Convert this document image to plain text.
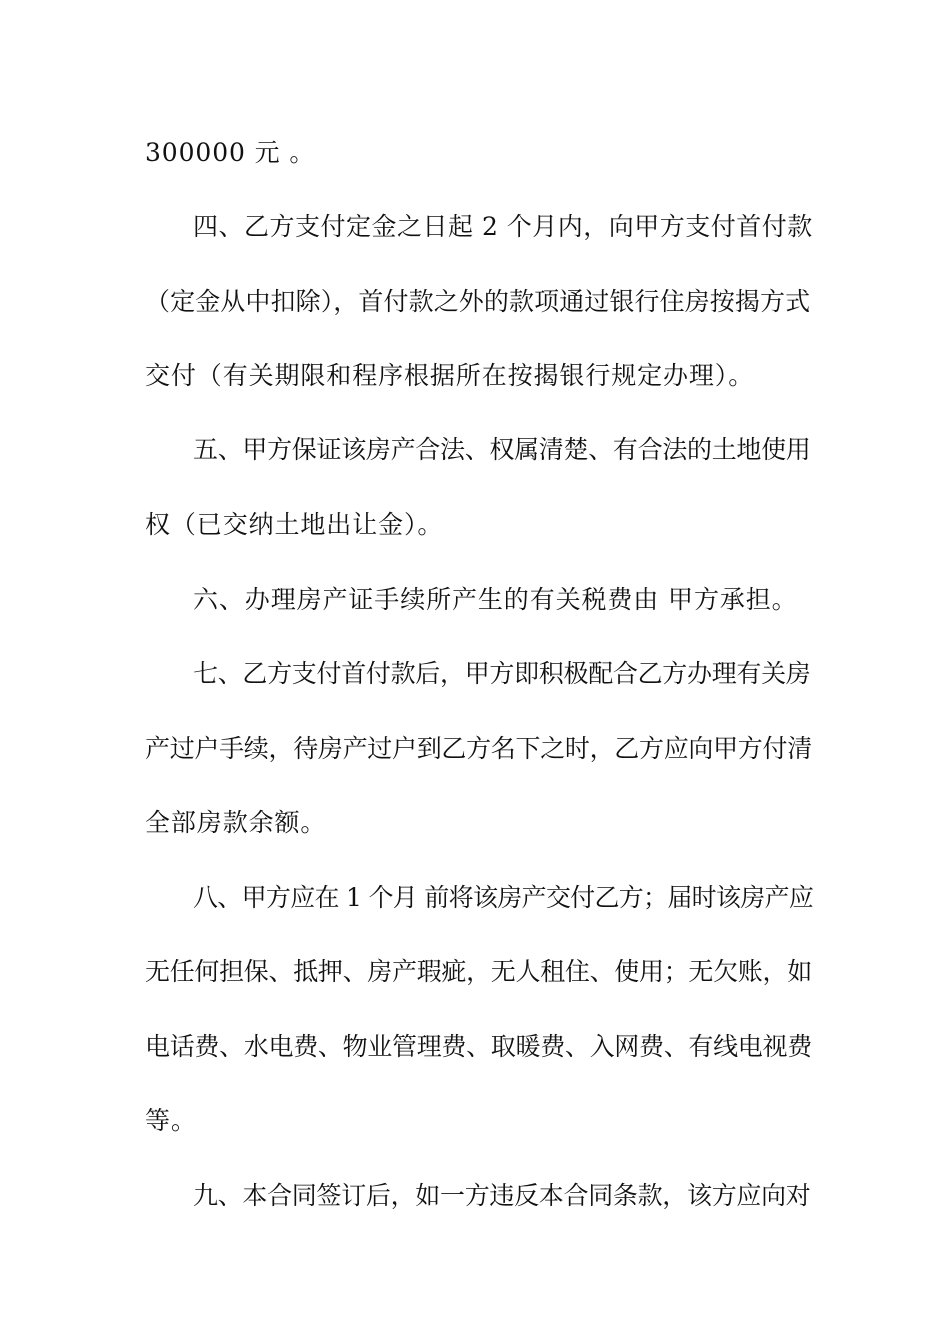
300000 元 。
四、乙方支付定金之日起 2 个月内，向甲方支付首付款
（定金从中扣除），首付款之外的款项通过银行住房按揭方式
交付（有关期限和程序根据所在按揭银行规定办理）。
五、甲方保证该房产合法、权属清楚、有合法的土地使用
权（已交纳土地出让金）。
六、办理房产证手续所产生的有关税费由 甲方承担。
七、乙方支付首付款后，甲方即积极配合乙方办理有关房
产过户手续，待房产过户到乙方名下之时，乙方应向甲方付清
全部房款余额。
八、甲方应在 1 个月 前将该房产交付乙方；届时该房产应
无任何担保、抵押、房产瑕疵，无人租住、使用；无欠账，如
电话费、水电费、物业管理费、取暖费、入网费、有线电视费
等。
九、本合同签订后，如一方违反本合同条款，该方应向对
